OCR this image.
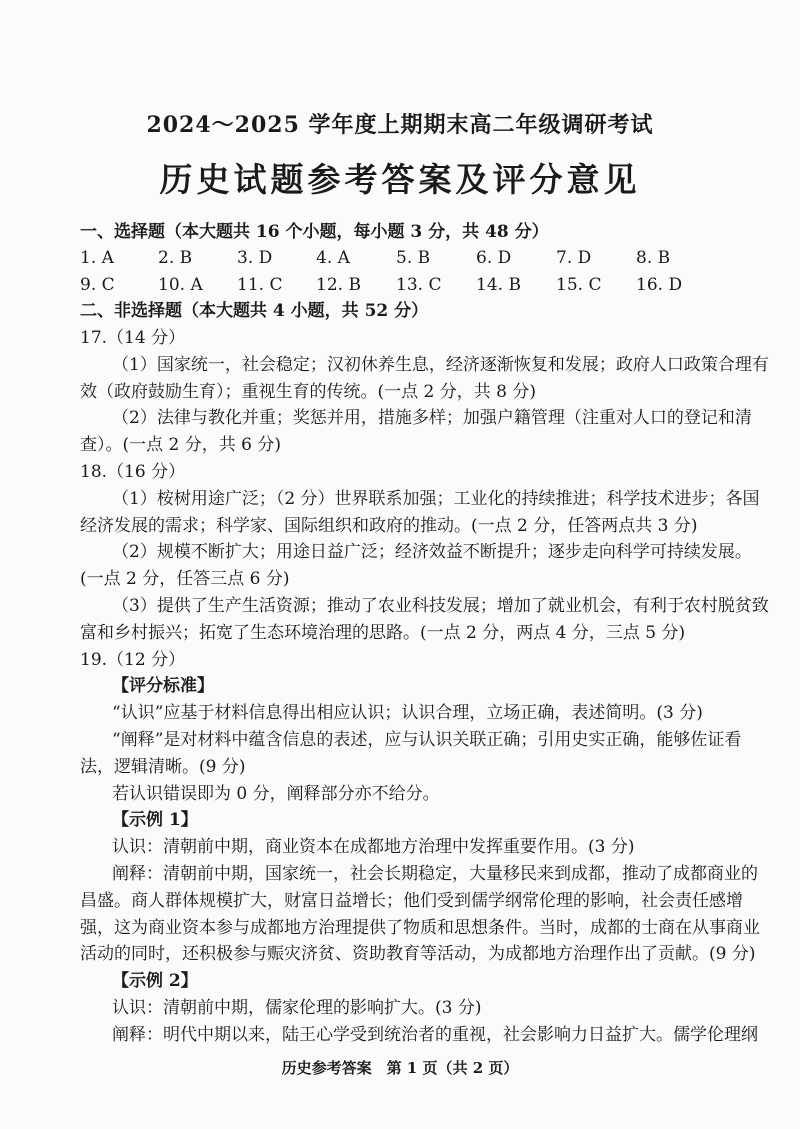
2024～2025 学年度上期期末高二年级调研考试
历史试题参考答案及评分意见
一、选择题（本大题共 16 个小题，每小题 3 分，共 48 分）
1. A	2. B	3. D	4. A	5. B	6. D	7. D	8. B
9. C	10. A 11. C 12. B 13. C 14. B 15. C 16. D
二、非选择题（本大题共 4 小题，共 52 分）
17.（14 分）
（1）国家统一，社会稳定；汉初休养生息，经济逐渐恢复和发展；政府人口政策合理有
效（政府鼓励生育）；重视生育的传统。(一点 2 分，共 8 分)
（2）法律与教化并重；奖惩并用，措施多样；加强户籍管理（注重对人口的登记和清
查）。(一点 2 分，共 6 分)
18.（16 分）
（1）桉树用途广泛；（2 分）世界联系加强；工业化的持续推进；科学技术进步；各国
经济发展的需求；科学家、国际组织和政府的推动。(一点 2 分，任答两点共 3 分)
（2）规模不断扩大；用途日益广泛；经济效益不断提升；逐步走向科学可持续发展。
(一点 2 分，任答三点 6 分)
（3）提供了生产生活资源；推动了农业科技发展；增加了就业机会，有利于农村脱贫致
富和乡村振兴；拓宽了生态环境治理的思路。(一点 2 分，两点 4 分，三点 5 分)
19.（12 分）
【评分标准】
“认识”应基于材料信息得出相应认识；认识合理，立场正确，表述简明。(3 分)
“阐释”是对材料中蕴含信息的表述，应与认识关联正确；引用史实正确，能够佐证看
法，逻辑清晰。(9 分)
若认识错误即为 0 分，阐释部分亦不给分。
【示例 1】
认识：清朝前中期，商业资本在成都地方治理中发挥重要作用。(3 分)
阐释：清朝前中期，国家统一，社会长期稳定，大量移民来到成都，推动了成都商业的
昌盛。商人群体规模扩大，财富日益增长；他们受到儒学纲常伦理的影响，社会责任感增
强，这为商业资本参与成都地方治理提供了物质和思想条件。当时，成都的士商在从事商业
活动的同时，还积极参与赈灾济贫、资助教育等活动，为成都地方治理作出了贡献。(9 分)
【示例 2】
认识：清朝前中期，儒家伦理的影响扩大。(3 分)
阐释：明代中期以来，陆王心学受到统治者的重视，社会影响力日益扩大。儒学伦理纲
历史参考答案　第 1 页（共 2 页）
